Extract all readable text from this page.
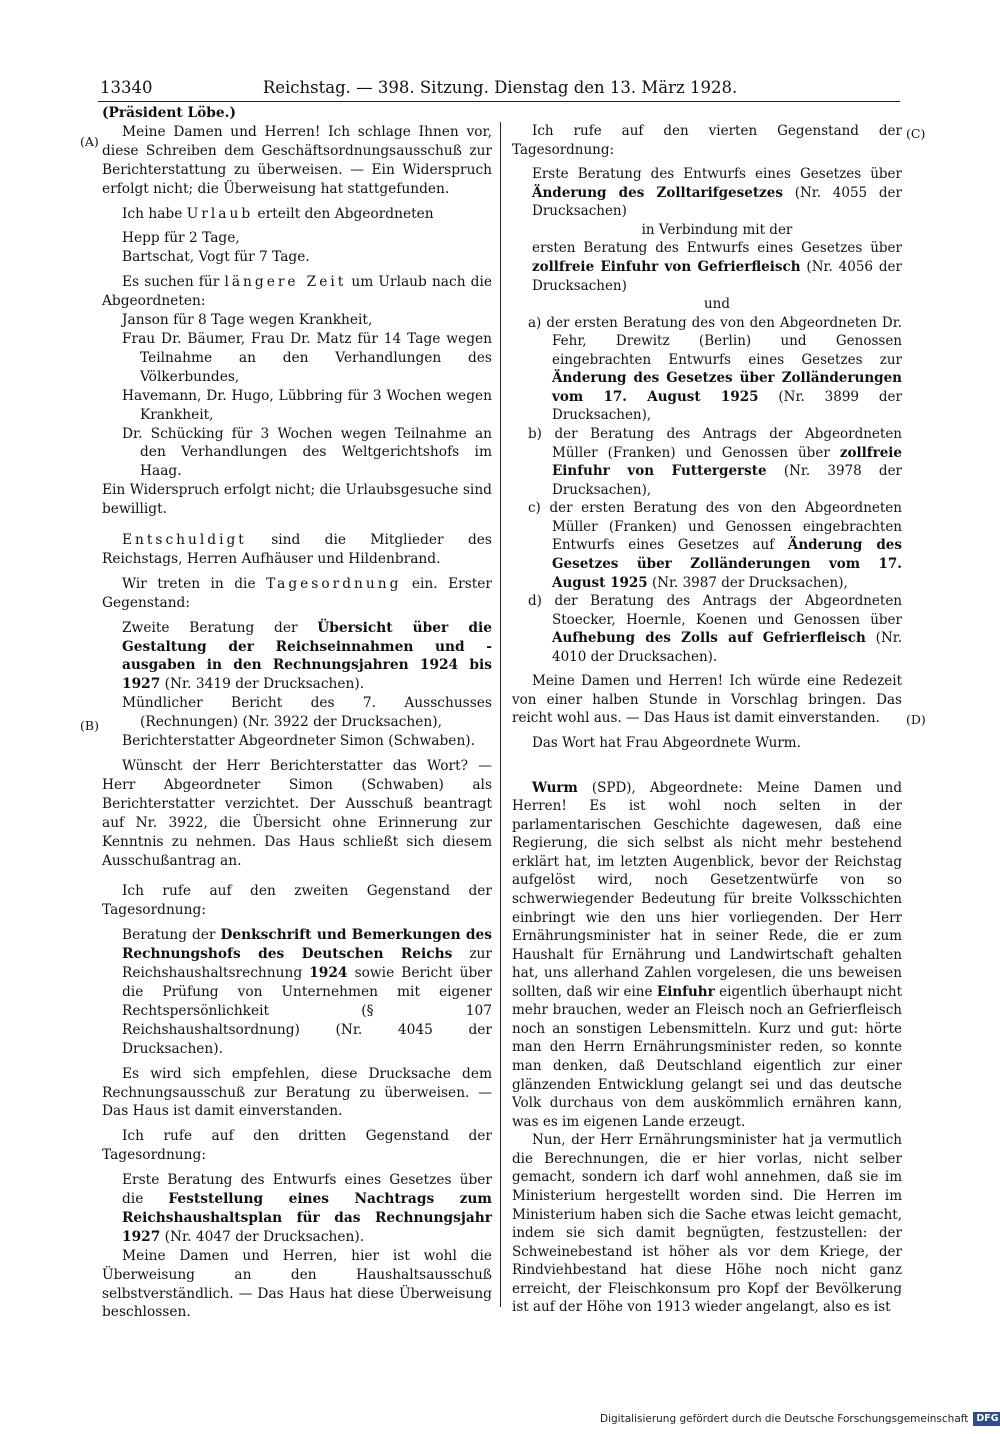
13340	Reichstag. — 398. Sitzung. Dienstag den 13. März 1928.
(A)
(B)
(C)
(D)

(Präsident Löbe.)

Meine Damen und Herren! Ich schlage Ihnen vor, diese Schreiben dem Geschäftsordnungsausschuß zur Berichterstattung zu überweisen. — Ein Widerspruch erfolgt nicht; die Überweisung hat stattgefunden.

Ich habe Urlaub erteilt den Abgeordneten

Hepp für 2 Tage,

Bartschat, Vogt für 7 Tage.

Es suchen für längere Zeit um Urlaub nach die Abgeordneten:

Janson für 8 Tage wegen Krankheit,

Frau Dr. Bäumer, Frau Dr. Matz für 14 Tage wegen Teilnahme an den Verhandlungen des Völkerbundes,

Havemann, Dr. Hugo, Lübbring für 3 Wochen wegen Krankheit,

Dr. Schücking für 3 Wochen wegen Teilnahme an den Verhandlungen des Weltgerichtshofs im Haag.

Ein Widerspruch erfolgt nicht; die Urlaubsgesuche sind bewilligt.

Entschuldigt sind die Mitglieder des Reichstags, Herren Aufhäuser und Hildenbrand.

Wir treten in die Tagesordnung ein. Erster Gegenstand:

Zweite Beratung der Übersicht über die Gestaltung der Reichseinnahmen und -ausgaben in den Rechnungsjahren 1924 bis 1927 (Nr. 3419 der Drucksachen).

Mündlicher Bericht des 7. Ausschusses (Rechnungen) (Nr. 3922 der Drucksachen),

Berichterstatter Abgeordneter Simon (Schwaben).

Wünscht der Herr Berichterstatter das Wort? — Herr Abgeordneter Simon (Schwaben) als Berichterstatter verzichtet. Der Ausschuß beantragt auf Nr. 3922, die Übersicht ohne Erinnerung zur Kenntnis zu nehmen. Das Haus schließt sich diesem Ausschußantrag an.

Ich rufe auf den zweiten Gegenstand der Tagesordnung:

Beratung der Denkschrift und Bemerkungen des Rechnungshofs des Deutschen Reichs zur Reichshaushaltsrechnung 1924 sowie Bericht über die Prüfung von Unternehmen mit eigener Rechtspersönlichkeit (§ 107 Reichshaushaltsordnung) (Nr. 4045 der Drucksachen).

Es wird sich empfehlen, diese Drucksache dem Rechnungsausschuß zur Beratung zu überweisen. — Das Haus ist damit einverstanden.

Ich rufe auf den dritten Gegenstand der Tagesordnung:

Erste Beratung des Entwurfs eines Gesetzes über die Feststellung eines Nachtrags zum Reichshaushaltsplan für das Rechnungsjahr 1927 (Nr. 4047 der Drucksachen).

Meine Damen und Herren, hier ist wohl die Überweisung an den Haushaltsausschuß selbstverständlich. — Das Haus hat diese Überweisung beschlossen.

Ich rufe auf den vierten Gegenstand der Tagesordnung:

Erste Beratung des Entwurfs eines Gesetzes über Änderung des Zolltarifgesetzes (Nr. 4055 der Drucksachen)

in Verbindung mit der

ersten Beratung des Entwurfs eines Gesetzes über zollfreie Einfuhr von Gefrierfleisch (Nr. 4056 der Drucksachen)

und

a) der ersten Beratung des von den Abgeordneten Dr. Fehr, Drewitz (Berlin) und Genossen eingebrachten Entwurfs eines Gesetzes zur Änderung des Gesetzes über Zolländerungen vom 17. August 1925 (Nr. 3899 der Drucksachen),

b) der Beratung des Antrags der Abgeordneten Müller (Franken) und Genossen über zollfreie Einfuhr von Futtergerste (Nr. 3978 der Drucksachen),

c) der ersten Beratung des von den Abgeordneten Müller (Franken) und Genossen eingebrachten Entwurfs eines Gesetzes auf Änderung des Gesetzes über Zolländerungen vom 17. August 1925 (Nr. 3987 der Drucksachen),

d) der Beratung des Antrags der Abgeordneten Stoecker, Hoernle, Koenen und Genossen über Aufhebung des Zolls auf Gefrierfleisch (Nr. 4010 der Drucksachen).

Meine Damen und Herren! Ich würde eine Redezeit von einer halben Stunde in Vorschlag bringen. Das reicht wohl aus. — Das Haus ist damit einverstanden.

Das Wort hat Frau Abgeordnete Wurm.

Wurm (SPD), Abgeordnete: Meine Damen und Herren! Es ist wohl noch selten in der parlamentarischen Geschichte dagewesen, daß eine Regierung, die sich selbst als nicht mehr bestehend erklärt hat, im letzten Augenblick, bevor der Reichstag aufgelöst wird, noch Gesetzentwürfe von so schwerwiegender Bedeutung für breite Volksschichten einbringt wie den uns hier vorliegenden. Der Herr Ernährungsminister hat in seiner Rede, die er zum Haushalt für Ernährung und Landwirtschaft gehalten hat, uns allerhand Zahlen vorgelesen, die uns beweisen sollten, daß wir eine Einfuhr eigentlich überhaupt nicht mehr brauchen, weder an Fleisch noch an Gefrierfleisch noch an sonstigen Lebensmitteln. Kurz und gut: hörte man den Herrn Ernährungsminister reden, so konnte man denken, daß Deutschland eigentlich zur einer glänzenden Entwicklung gelangt sei und das deutsche Volk durchaus von dem auskömmlich ernähren kann, was es im eigenen Lande erzeugt.

Nun, der Herr Ernährungsminister hat ja vermutlich die Berechnungen, die er hier vorlas, nicht selber gemacht, sondern ich darf wohl annehmen, daß sie im Ministerium hergestellt worden sind. Die Herren im Ministerium haben sich die Sache etwas leicht gemacht, indem sie sich damit begnügten, festzustellen: der Schweinebestand ist höher als vor dem Kriege, der Rindviehbestand hat diese Höhe noch nicht ganz erreicht, der Fleischkonsum pro Kopf der Bevölkerung ist auf der Höhe von 1913 wieder angelangt, also es ist

Digitalisierung gefördert durch die Deutsche Forschungsgemeinschaft DFG
